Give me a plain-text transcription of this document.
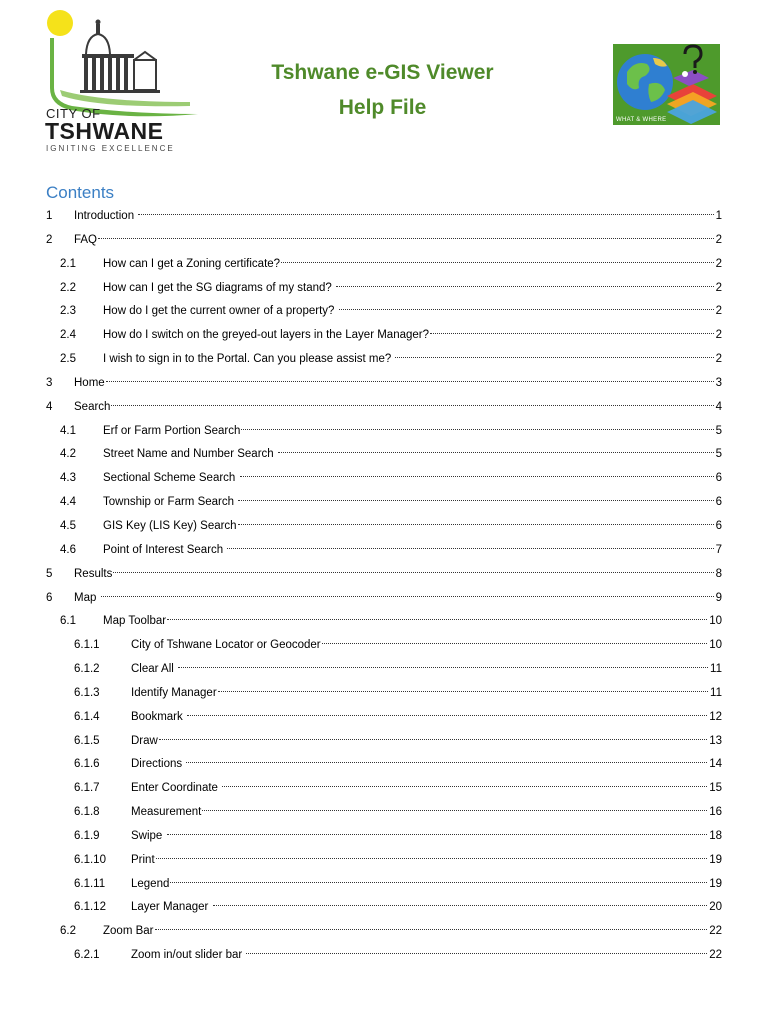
CITY OF
TSHWANE
IGNITING EXCELLENCE
Tshwane e-GIS Viewer
Help File
WHAT & WHERE
Contents
1 Introduction	1
2 FAQ	2
2.1 How can I get a Zoning certificate?	2
2.2 How can I get the SG diagrams of my stand?	2
2.3 How do I get the current owner of a property?	2
2.4 How do I switch on the greyed-out layers in the Layer Manager?	2
2.5 I wish to sign in to the Portal. Can you please assist me?	2
3 Home	3
4 Search	4
4.1 Erf or Farm Portion Search	5
4.2 Street Name and Number Search	5
4.3 Sectional Scheme Search	6
4.4 Township or Farm Search	6
4.5 GIS Key (LIS Key) Search	6
4.6 Point of Interest Search	7
5 Results	8
6 Map	9
6.1 Map Toolbar	10
6.1.1	City of Tshwane Locator or Geocoder	10
6.1.2	Clear All	11
6.1.3	Identify Manager	11
6.1.4	Bookmark	12
6.1.5	Draw	13
6.1.6	Directions	14
6.1.7	Enter Coordinate	15
6.1.8	Measurement	16
6.1.9	Swipe	18
6.1.10 Print	19
6.1.11 Legend	19
6.1.12 Layer Manager	20
6.2 Zoom Bar	22
6.2.1	Zoom in/out slider bar	22
